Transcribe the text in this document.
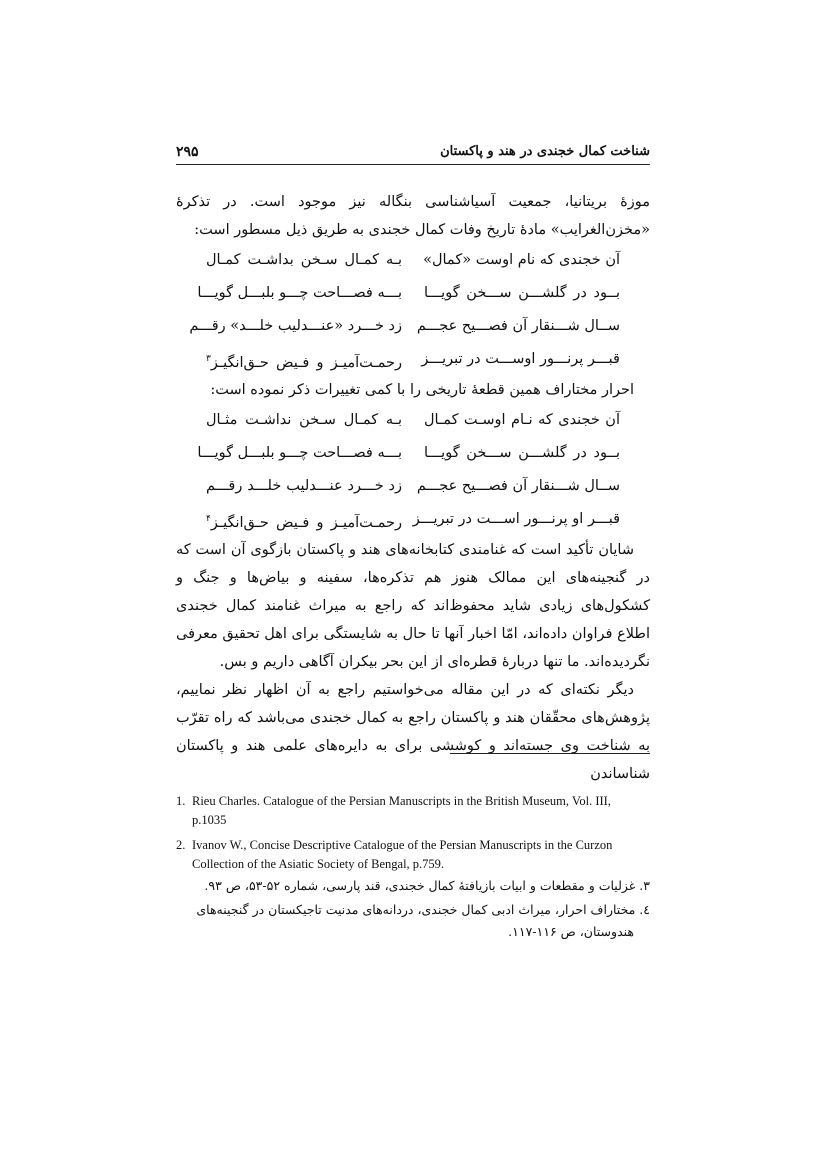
۲۹۵	شناخت کمال خجندی در هند و پاکستان

موزهٔ بریتانیا، جمعیت آسیاشناسی بنگاله نیز موجود است. در تذکرهٔ «مخزن‌الغرایب» مادهٔ تاریخ وفات کمال خجندی به طریق ذیل مسطور است:

آن خجندی که نام اوست «کمال»
بـه کمـال سـخن بداشـت کمـال
بــود در گلشـــن ســـخن گویـــا
بـــه فصـــاحت چـــو بلبـــل گویـــا
ســال شـــنقار آن فصـــیح عجـــم
زد خـــرد «عنـــدلیب خلـــد» رقـــم
قبـــر پرنـــور اوســـت در تبریـــز
رحمـت‌آمیـز و فـیض حـق‌انگیـز$^۳$

احرار مختاراف همین قطعهٔ تاریخی را با کمی تغییرات ذکر نموده است:

آن خجندی که نـام اوسـت کمـال
بـه کمـال سـخن نداشـت مثـال
بــود در گلشـــن ســـخن گویـــا
بـــه فصـــاحت چـــو بلبـــل گویـــا
ســال شـــنقار آن فصـــیح عجـــم
زد خـــرد عنـــدلیب خلـــد رقـــم
قبـــر او پرنـــور اســـت در تبریـــز
رحمـت‌آمیـز و فـیض حـق‌انگیـز$^۴$

شایان تأکید است که غنامندی کتابخانه‌های هند و پاکستان بازگوی آن است که در گنجینه‌های این ممالک هنوز هم تذکره‌ها، سفینه و بیاض‌ها و جنگ و کشکول‌های زیادی شاید محفوظ‌اند که راجع به میراث غنامند کمال خجندی اطلاع فراوان داده‌اند، امّا اخبار آنها تا حال به شایستگی برای اهل تحقیق معرفی نگردیده‌اند. ما تنها دربارهٔ قطره‌ای از این بحر بیکران آگاهی داریم و بس.

دیگر نکته‌ای که در این مقاله می‌خواستیم راجع به آن اظهار نظر نماییم، پژوهش‌های محقّقان هند و پاکستان راجع به کمال خجندی می‌باشد که راه تقرّب به شناخت وی جسته‌اند و کوششی برای به دایره‌های علمی هند و پاکستان شناساندن

1. Rieu Charles. Catalogue of the Persian Manuscripts in the British Museum, Vol. III,
p.1035
2. Ivanov W., Concise Descriptive Catalogue of the Persian Manuscripts in the Curzon
Collection of the Asiatic Society of Bengal, p.759.
۳. غزلیات و مقطعات و ابیات بازیافتهٔ کمال خجندی، قند پارسی، شماره ۵۲-۵۳، ص ۹۳.
٤. مختاراف احرار، میراث ادبی کمال خجندی، دردانه‌های مدنیت تاجیکستان در گنجینه‌های
هندوستان، ص ۱۱۶-۱۱۷.
